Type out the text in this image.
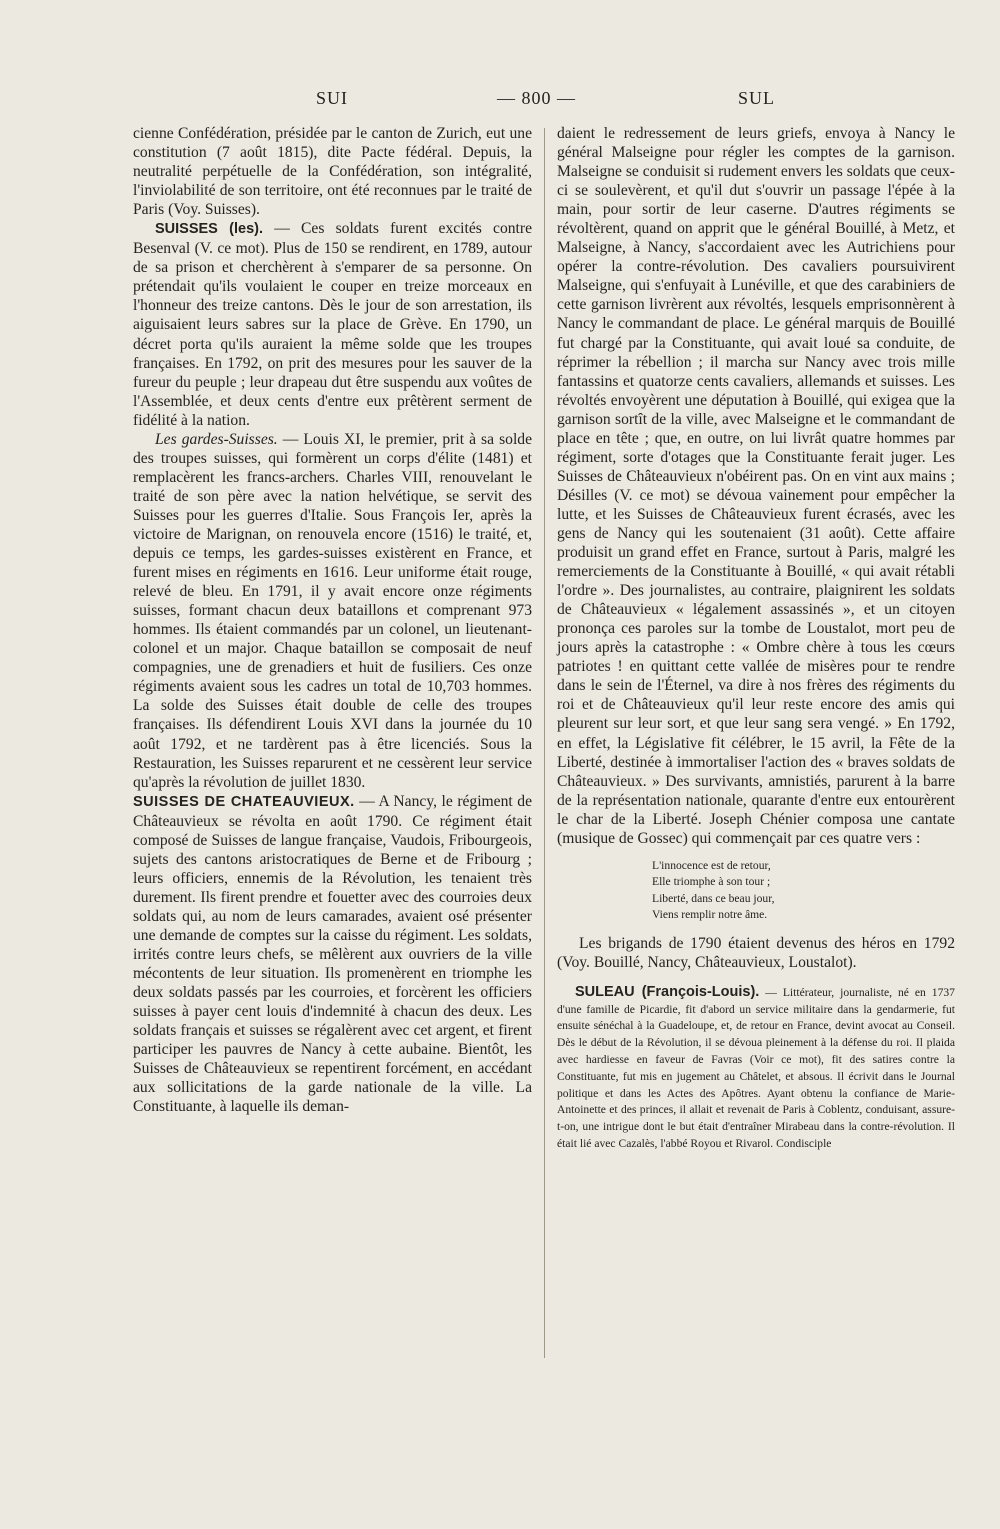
SUI	— 800 —	SUL

cienne Confédération, présidée par le canton de Zurich, eut une constitution (7 août 1815), dite Pacte fédéral. Depuis, la neutralité perpétuelle de la Confédération, son intégralité, l'inviolabilité de son territoire, ont été reconnues par le traité de Paris (Voy. Suisses).

SUISSES (les). — Ces soldats furent excités contre Besenval (V. ce mot). Plus de 150 se rendirent, en 1789, autour de sa prison et cherchèrent à s'emparer de sa personne. On prétendait qu'ils voulaient le couper en treize morceaux en l'honneur des treize cantons. Dès le jour de son arrestation, ils aiguisaient leurs sabres sur la place de Grève. En 1790, un décret porta qu'ils auraient la même solde que les troupes françaises. En 1792, on prit des mesures pour les sauver de la fureur du peuple ; leur drapeau dut être suspendu aux voûtes de l'Assemblée, et deux cents d'entre eux prêtèrent serment de fidélité à la nation.

Les gardes-Suisses. — Louis XI, le premier, prit à sa solde des troupes suisses, qui formèrent un corps d'élite (1481) et remplacèrent les francs-archers. Charles VIII, renouvelant le traité de son père avec la nation helvétique, se servit des Suisses pour les guerres d'Italie. Sous François Ier, après la victoire de Marignan, on renouvela encore (1516) le traité, et, depuis ce temps, les gardes-suisses existèrent en France, et furent mises en régiments en 1616. Leur uniforme était rouge, relevé de bleu. En 1791, il y avait encore onze régiments suisses, formant chacun deux bataillons et comprenant 973 hommes. Ils étaient commandés par un colonel, un lieutenant-colonel et un major. Chaque bataillon se composait de neuf compagnies, une de grenadiers et huit de fusiliers. Ces onze régiments avaient sous les cadres un total de 10,703 hommes. La solde des Suisses était double de celle des troupes françaises. Ils défendirent Louis XVI dans la journée du 10 août 1792, et ne tardèrent pas à être licenciés. Sous la Restauration, les Suisses reparurent et ne cessèrent leur service qu'après la révolution de juillet 1830.

SUISSES DE CHATEAUVIEUX. — A Nancy, le régiment de Châteauvieux se révolta en août 1790. Ce régiment était composé de Suisses de langue française, Vaudois, Fribourgeois, sujets des cantons aristocratiques de Berne et de Fribourg ; leurs officiers, ennemis de la Révolution, les tenaient très durement. Ils firent prendre et fouetter avec des courroies deux soldats qui, au nom de leurs camarades, avaient osé présenter une demande de comptes sur la caisse du régiment. Les soldats, irrités contre leurs chefs, se mêlèrent aux ouvriers de la ville mécontents de leur situation. Ils promenèrent en triomphe les deux soldats passés par les courroies, et forcèrent les officiers suisses à payer cent louis d'indemnité à chacun des deux. Les soldats français et suisses se régalèrent avec cet argent, et firent participer les pauvres de Nancy à cette aubaine. Bientôt, les Suisses de Châteauvieux se repentirent forcément, en accédant aux sollicitations de la garde nationale de la ville. La Constituante, à laquelle ils deman-

daient le redressement de leurs griefs, envoya à Nancy le général Malseigne pour régler les comptes de la garnison. Malseigne se conduisit si rudement envers les soldats que ceux-ci se soulevèrent, et qu'il dut s'ouvrir un passage l'épée à la main, pour sortir de leur caserne. D'autres régiments se révoltèrent, quand on apprit que le général Bouillé, à Metz, et Malseigne, à Nancy, s'accordaient avec les Autrichiens pour opérer la contre-révolution. Des cavaliers poursuivirent Malseigne, qui s'enfuyait à Lunéville, et que des carabiniers de cette garnison livrèrent aux révoltés, lesquels emprisonnèrent à Nancy le commandant de place. Le général marquis de Bouillé fut chargé par la Constituante, qui avait loué sa conduite, de réprimer la rébellion ; il marcha sur Nancy avec trois mille fantassins et quatorze cents cavaliers, allemands et suisses. Les révoltés envoyèrent une députation à Bouillé, qui exigea que la garnison sortît de la ville, avec Malseigne et le commandant de place en tête ; que, en outre, on lui livrât quatre hommes par régiment, sorte d'otages que la Constituante ferait juger. Les Suisses de Châteauvieux n'obéirent pas. On en vint aux mains ; Désilles (V. ce mot) se dévoua vainement pour empêcher la lutte, et les Suisses de Châteauvieux furent écrasés, avec les gens de Nancy qui les soutenaient (31 août). Cette affaire produisit un grand effet en France, surtout à Paris, malgré les remerciements de la Constituante à Bouillé, « qui avait rétabli l'ordre ». Des journalistes, au contraire, plaignirent les soldats de Châteauvieux « légalement assassinés », et un citoyen prononça ces paroles sur la tombe de Loustalot, mort peu de jours après la catastrophe : « Ombre chère à tous les cœurs patriotes ! en quittant cette vallée de misères pour te rendre dans le sein de l'Éternel, va dire à nos frères des régiments du roi et de Châteauvieux qu'il leur reste encore des amis qui pleurent sur leur sort, et que leur sang sera vengé. » En 1792, en effet, la Législative fit célébrer, le 15 avril, la Fête de la Liberté, destinée à immortaliser l'action des « braves soldats de Châteauvieux. » Des survivants, amnistiés, parurent à la barre de la représentation nationale, quarante d'entre eux entourèrent le char de la Liberté. Joseph Chénier composa une cantate (musique de Gossec) qui commençait par ces quatre vers :

L'innocence est de retour,
Elle triomphe à son tour ;
Liberté, dans ce beau jour,
Viens remplir notre âme.

Les brigands de 1790 étaient devenus des héros en 1792 (Voy. Bouillé, Nancy, Châteauvieux, Loustalot).

SULEAU (François-Louis). — Littérateur, journaliste, né en 1737 d'une famille de Picardie, fit d'abord un service militaire dans la gendarmerie, fut ensuite sénéchal à la Guadeloupe, et, de retour en France, devint avocat au Conseil. Dès le début de la Révolution, il se dévoua pleinement à la défense du roi. Il plaida avec hardiesse en faveur de Favras (Voir ce mot), fit des satires contre la Constituante, fut mis en jugement au Châtelet, et absous. Il écrivit dans le Journal politique et dans les Actes des Apôtres. Ayant obtenu la confiance de Marie-Antoinette et des princes, il allait et revenait de Paris à Coblentz, conduisant, assure-t-on, une intrigue dont le but était d'entraîner Mirabeau dans la contre-révolution. Il était lié avec Cazalès, l'abbé Royou et Rivarol. Condisciple
